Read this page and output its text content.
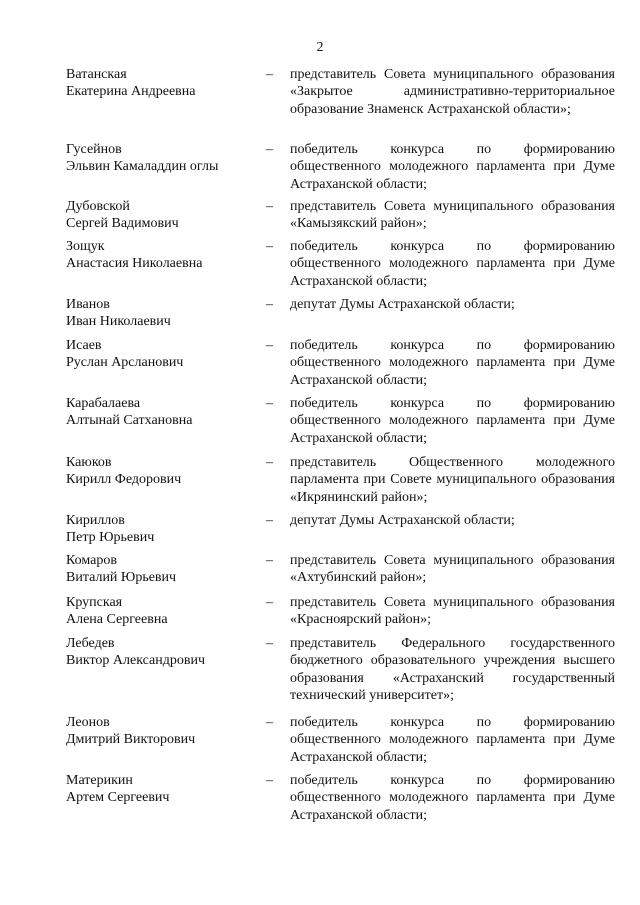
2
Ватанская
Екатерина Андреевна
– представитель Совета муниципального образования «Закрытое административно-территориальное образование Знаменск Астраханской области»;
Гусейнов
Эльвин Камаладдин оглы
– победитель конкурса по формированию общественного молодежного парламента при Думе Астраханской области;
Дубовской
Сергей Вадимович
– представитель Совета муниципального образования «Камызякский район»;
Зощук
Анастасия Николаевна
– победитель конкурса по формированию общественного молодежного парламента при Думе Астраханской области;
Иванов
Иван Николаевич
– депутат Думы Астраханской области;
Исаев
Руслан Арсланович
– победитель конкурса по формированию общественного молодежного парламента при Думе Астраханской области;
Карабалаева
Алтынай Сатхановна
– победитель конкурса по формированию общественного молодежного парламента при Думе Астраханской области;
Каюков
Кирилл Федорович
– представитель Общественного молодежного парламента при Совете муниципального образования «Икрянинский район»;
Кириллов
Петр Юрьевич
– депутат Думы Астраханской области;
Комаров
Виталий Юрьевич
– представитель Совета муниципального образования «Ахтубинский район»;
Крупская
Алена Сергеевна
– представитель Совета муниципального образования «Красноярский район»;
Лебедев
Виктор Александрович
– представитель Федерального государственного бюджетного образовательного учреждения высшего образования «Астраханский государственный технический университет»;
Леонов
Дмитрий Викторович
– победитель конкурса по формированию общественного молодежного парламента при Думе Астраханской области;
Материкин
Артем Сергеевич
– победитель конкурса по формированию общественного молодежного парламента при Думе Астраханской области;
